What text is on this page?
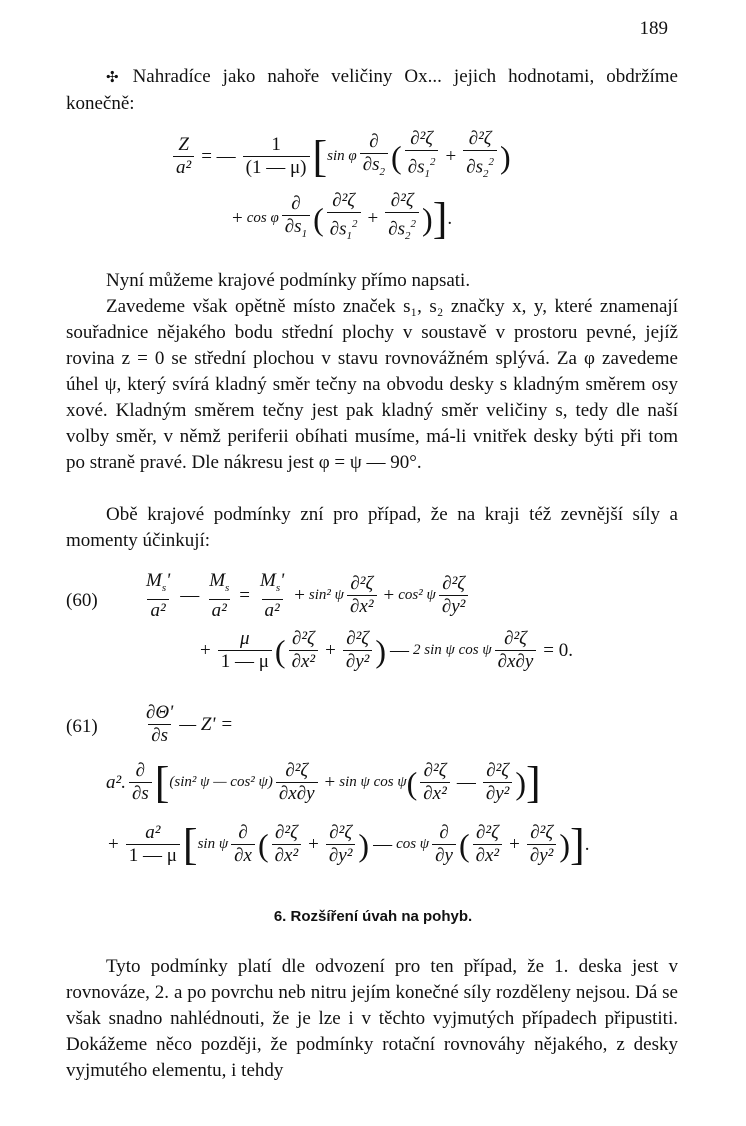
189
✣ Nahradíce jako nahoře veličiny Ox... jejich hodnotami, obdržíme konečně:
$\frac{Z}{\text{a²}}$ = — $\frac{1}{(1 — \mu)}$ [ sin φ $\frac{\partial}{\partial s_2}$ ( $\frac{\text{∂²ζ}}{\partial s_1^2} + \frac{\text{∂²ζ}}{\partial s_2^2}$ )
+ cos φ $\frac{\partial}{\partial s_1}$ ( $\frac{\text{∂²ζ}}{\partial s_1^2} + \frac{\text{∂²ζ}}{\partial s_2^2}$ ) ] .
Nyní můžeme krajové podmínky přímo napsati.
Zavedeme však opětně místo značek s₁, s₂ značky x, y, které znamenají souřadnice nějakého bodu střední plochy v soustavě v prostoru pevné, jejíž rovina z = 0 se střední plochou v stavu rovnovážném splývá. Za φ zavedeme úhel ψ, který svírá kladný směr tečny na obvodu desky s kladným směrem osy xové. Kladným směrem tečny jest pak kladný směr veličiny s, tedy dle naší volby směr, v němž periferii obíhati musíme, má-li vnitřek desky býti při tom po straně pravé. Dle nákresu jest φ = ψ — 90°.
Obě krajové podmínky zní pro případ, že na kraji též zevnější síly a momenty účinkují:
$(60) \frac{M_s'}{\text{a²}}$ — $\frac{M_s}{\text{a²}} = \frac{M_s'}{\text{a²}} + \sin^2$ ψ $\frac{\text{∂²ζ}}{\text{∂x²}} + \cos^2$ ψ $\frac{\text{∂²ζ}}{\text{∂y²}}$
+ $\frac{\mu}{1 — \mu}$ ( $\frac{\text{∂²ζ}}{\text{∂x²}} + \frac{\text{∂²ζ}}{\text{∂y²}}$ ) — 2 sin ψ cos ψ $\frac{\text{∂²ζ}}{\partial x\partial y} = 0$.
$(61) \frac{\partial\Theta'}{\partial s}$ — Z' =
a². $\frac{\partial}{\partial s}$ [ (sin² ψ — cos² $\psi) \frac{\text{∂²ζ}}{\partial x\partial y} + \sin \psi$ cos ψ ( $\frac{\text{∂²ζ}}{\text{∂x²}}$ — $\frac{\text{∂²ζ}}{\text{∂y²}}$ ) ]
+ $\frac{\text{a²}}{1 — \mu}$ [ sin ψ $\frac{\partial}{\partial x}$ ( $\frac{\text{∂²ζ}}{\text{∂x²}} + \frac{\text{∂²ζ}}{\text{∂y²}}$ ) — cos ψ $\frac{\partial}{\partial y}$ ( $\frac{\text{∂²ζ}}{\text{∂x²}} + \frac{\text{∂²ζ}}{\text{∂y²}}$ ) ] .
6. Rozšíření úvah na pohyb.
Tyto podmínky platí dle odvození pro ten případ, že 1. deska jest v rovnováze, 2. a po povrchu neb nitru jejím konečné síly rozděleny nejsou. Dá se však snadno nahlédnouti, že je lze i v těchto vyjmutých případech připustiti. Dokážeme něco později, že podmínky rotační rovnováhy nějakého, z desky vyjmutého elementu, i tehdy
